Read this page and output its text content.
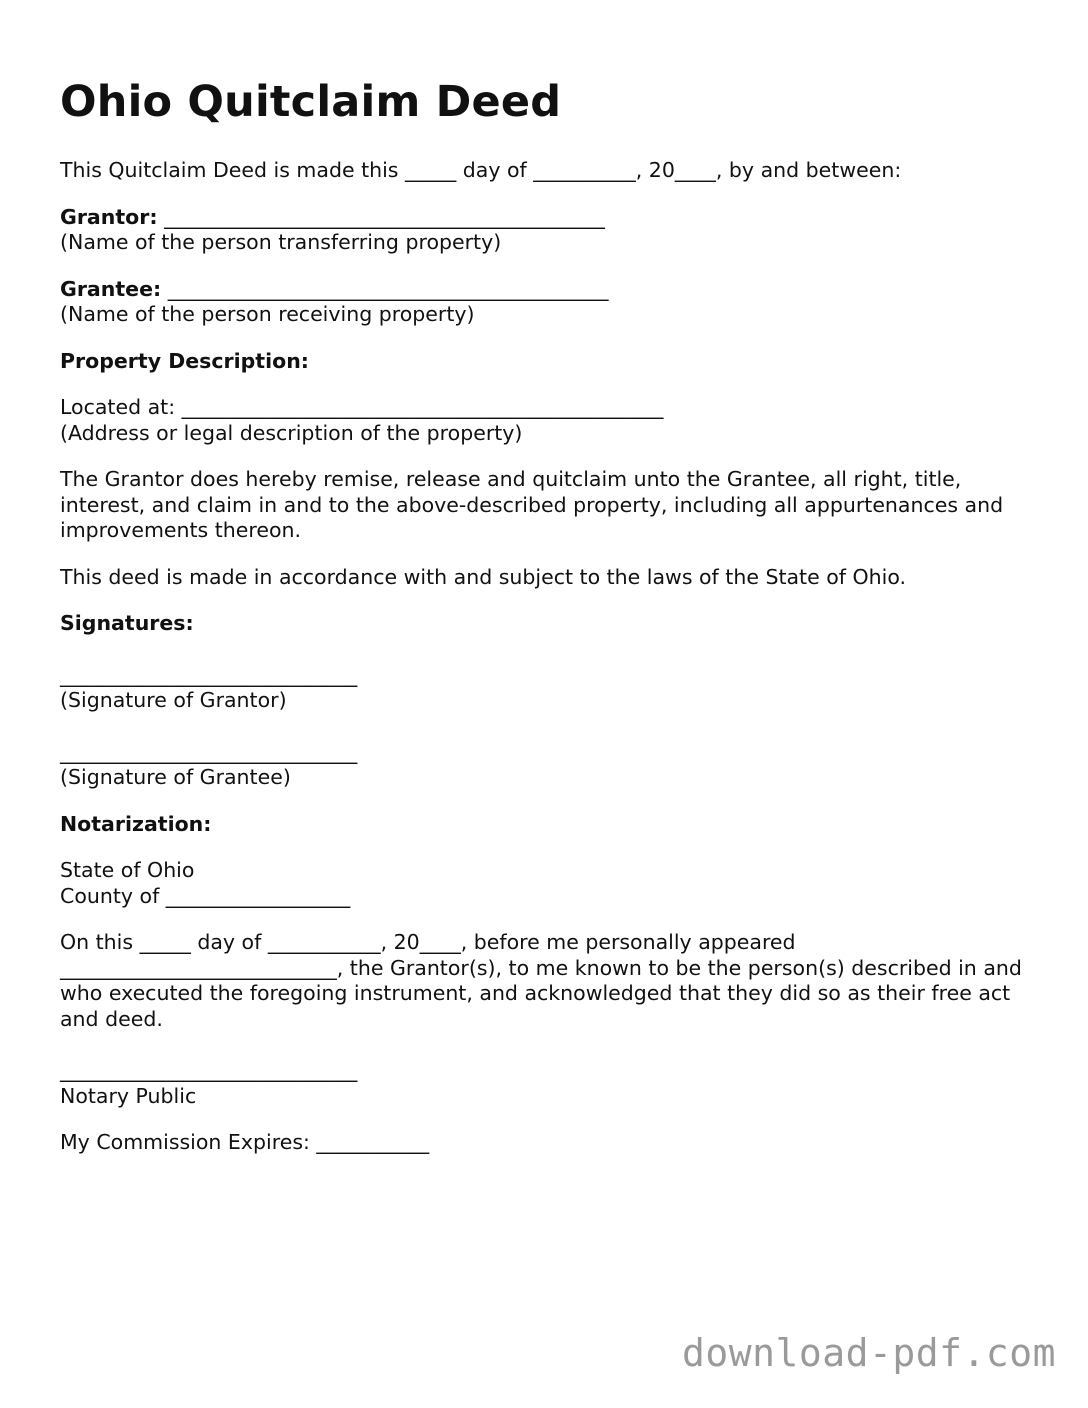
Ohio Quitclaim Deed

This Quitclaim Deed is made this _____ day of __________, 20____, by and between:

Grantor: ___________________________________________
(Name of the person transferring property)

Grantee: ___________________________________________
(Name of the person receiving property)

Property Description:

Located at: _______________________________________________
(Address or legal description of the property)

The Grantor does hereby remise, release and quitclaim unto the Grantee, all right, title, interest, and claim in and to the above-described property, including all appurtenances and improvements thereon.

This deed is made in accordance with and subject to the laws of the State of Ohio.

Signatures:

_____________________________
(Signature of Grantor)

_____________________________
(Signature of Grantee)

Notarization:

State of Ohio
County of __________________

On this _____ day of ___________, 20____, before me personally appeared
___________________________, the Grantor(s), to me known to be the person(s) described in and who executed the foregoing instrument, and acknowledged that they did so as their free act and deed.

_____________________________
Notary Public

My Commission Expires: ___________

download-pdf.com
